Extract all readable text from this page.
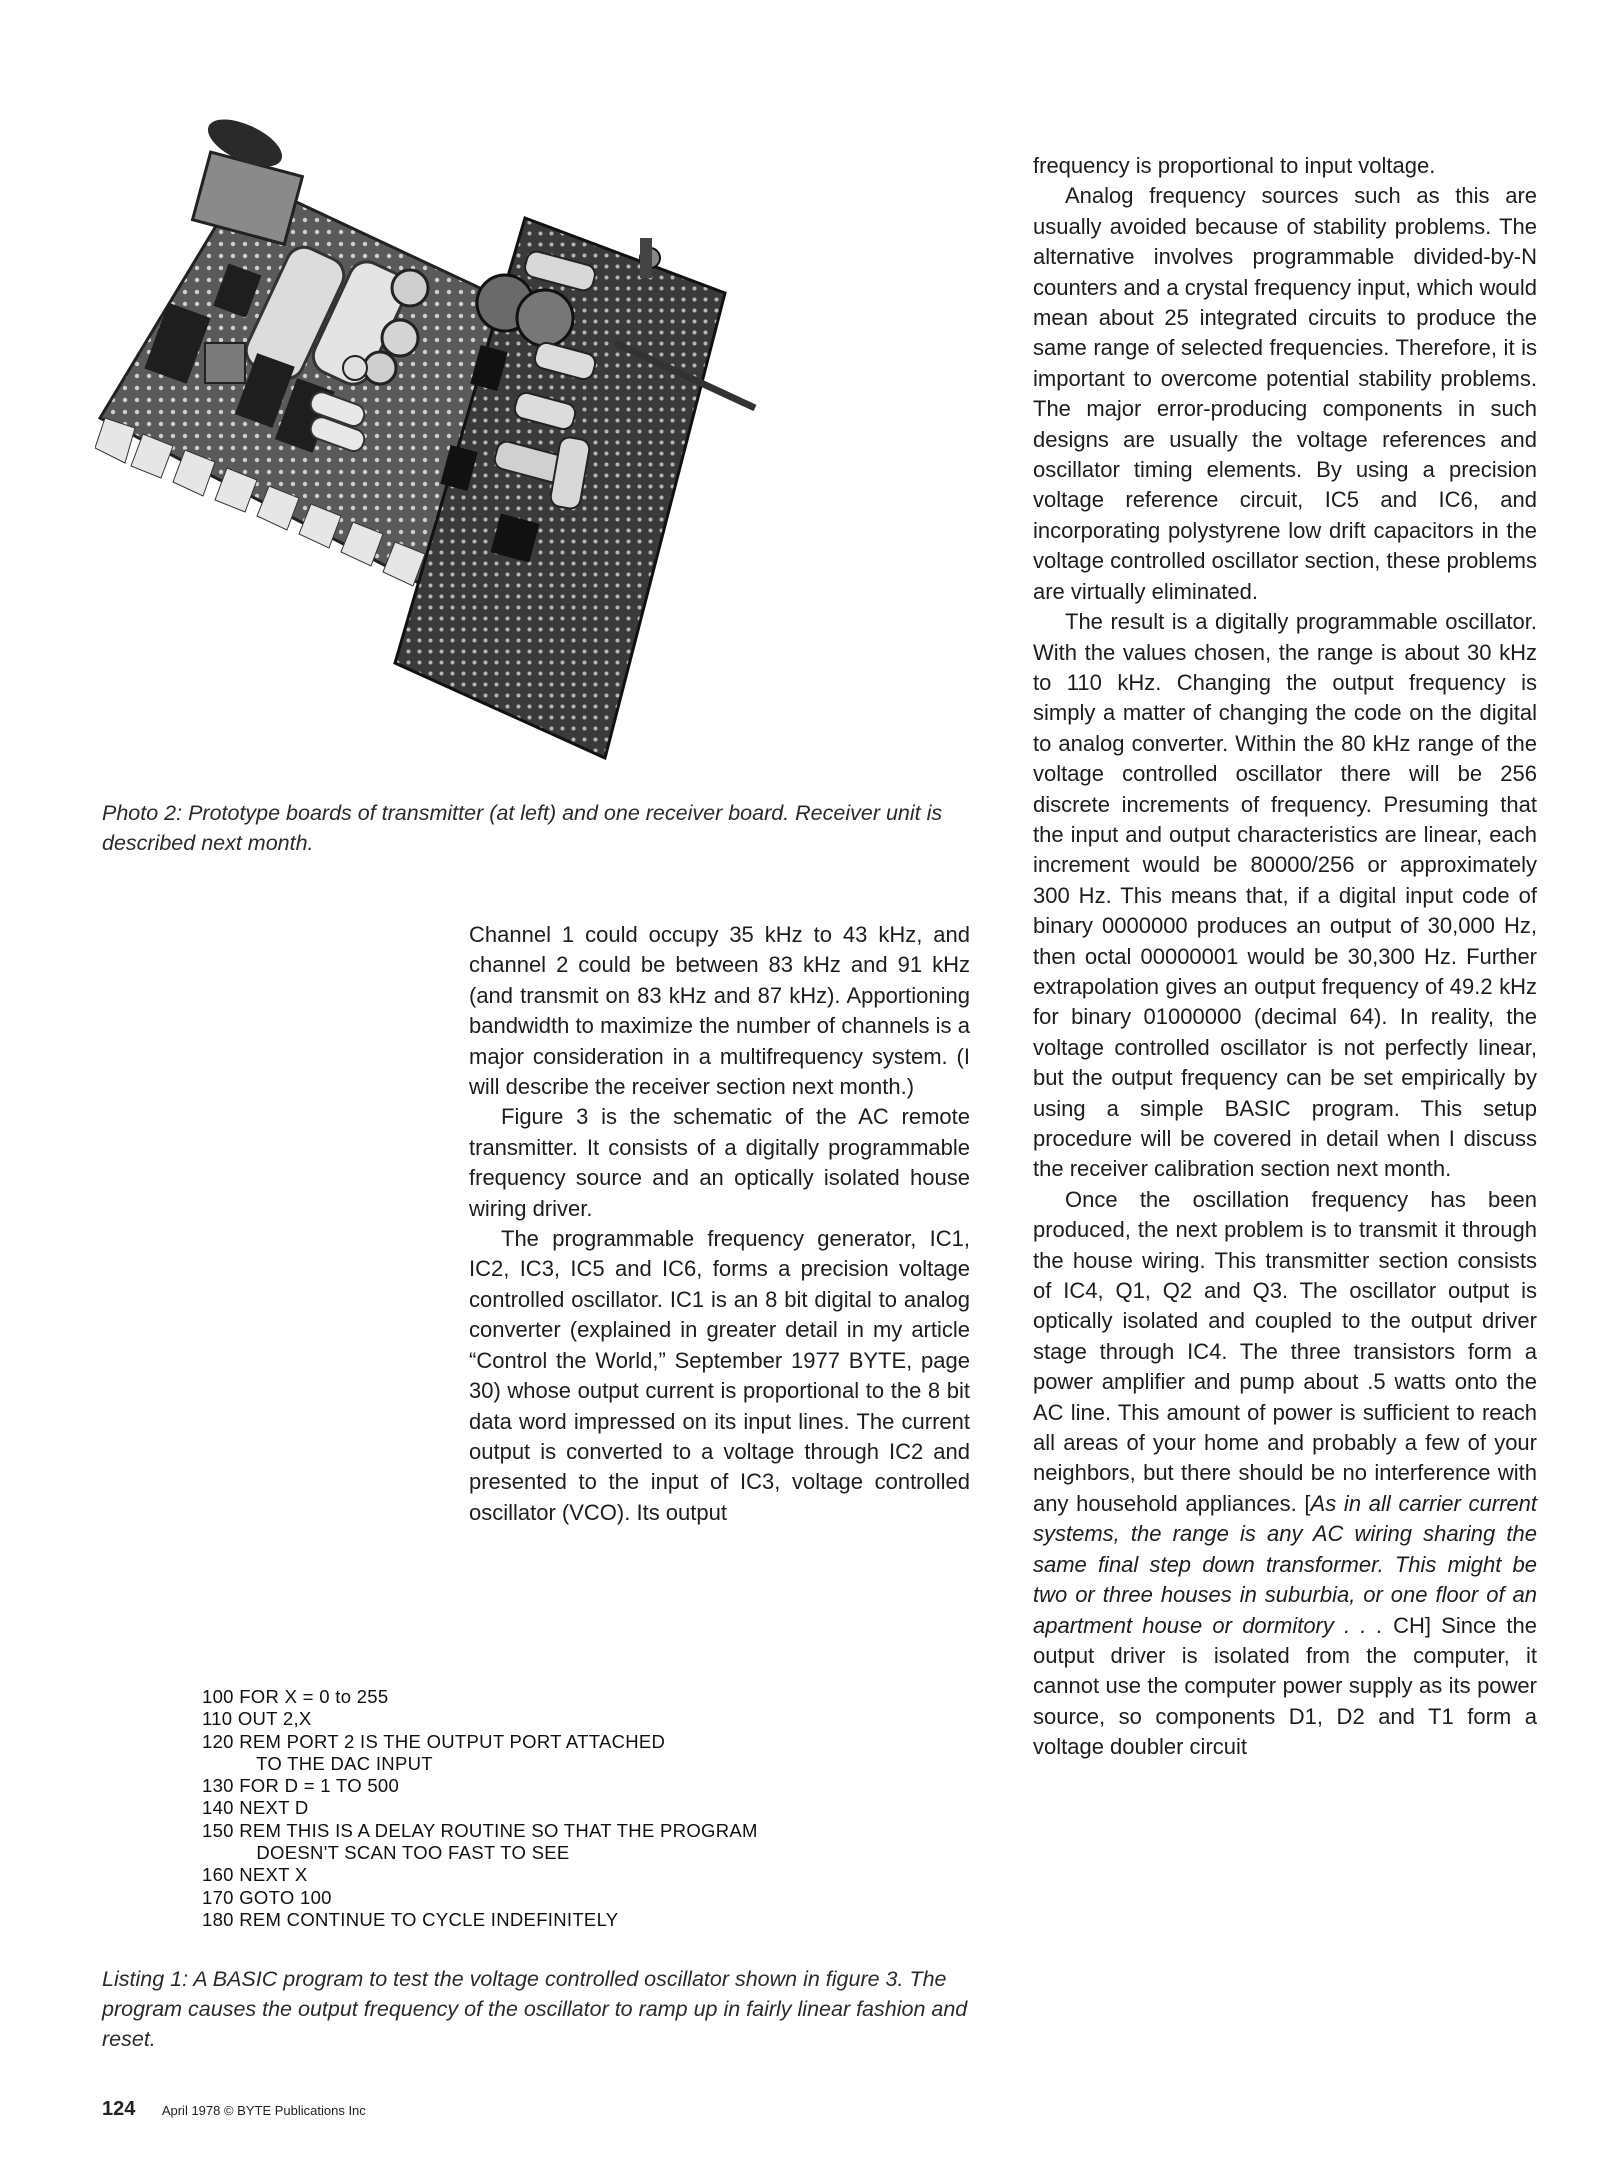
Photo 2: Prototype boards of transmitter (at left) and one receiver board. Receiver unit is described next month.

Channel 1 could occupy 35 kHz to 43 kHz, and channel 2 could be between 83 kHz and 91 kHz (and transmit on 83 kHz and 87 kHz). Apportioning bandwidth to maximize the number of channels is a major consideration in a multifrequency system. (I will describe the receiver section next month.)

Figure 3 is the schematic of the AC remote transmitter. It consists of a digitally programmable frequency source and an optically isolated house wiring driver.

The programmable frequency generator, IC1, IC2, IC3, IC5 and IC6, forms a precision voltage controlled oscillator. IC1 is an 8 bit digital to analog converter (explained in greater detail in my article “Control the World,” September 1977 BYTE, page 30) whose output current is proportional to the 8 bit data word impressed on its input lines. The current output is converted to a voltage through IC2 and presented to the input of IC3, voltage controlled oscillator (VCO). Its output

frequency is proportional to input voltage.

Analog frequency sources such as this are usually avoided because of stability problems. The alternative involves programmable divided-by-N counters and a crystal frequency input, which would mean about 25 integrated circuits to produce the same range of selected frequencies. Therefore, it is important to overcome potential stability problems. The major error-producing components in such designs are usually the voltage references and oscillator timing elements. By using a precision voltage reference circuit, IC5 and IC6, and incorporating polystyrene low drift capacitors in the voltage controlled oscillator section, these problems are virtually eliminated.

The result is a digitally programmable oscillator. With the values chosen, the range is about 30 kHz to 110 kHz. Changing the output frequency is simply a matter of changing the code on the digital to analog converter. Within the 80 kHz range of the voltage controlled oscillator there will be 256 discrete increments of frequency. Presuming that the input and output characteristics are linear, each increment would be 80000/256 or approximately 300 Hz. This means that, if a digital input code of binary 0000000 produces an output of 30,000 Hz, then octal 00000001 would be 30,300 Hz. Further extrapolation gives an output frequency of 49.2 kHz for binary 01000000 (decimal 64). In reality, the voltage controlled oscillator is not perfectly linear, but the output frequency can be set empirically by using a simple BASIC program. This setup procedure will be covered in detail when I discuss the receiver calibration section next month.

Once the oscillation frequency has been produced, the next problem is to transmit it through the house wiring. This transmitter section consists of IC4, Q1, Q2 and Q3. The oscillator output is optically isolated and coupled to the output driver stage through IC4. The three transistors form a power amplifier and pump about .5 watts onto the AC line. This amount of power is sufficient to reach all areas of your home and probably a few of your neighbors, but there should be no interference with any household appliances. [As in all carrier current systems, the range is any AC wiring sharing the same final step down transformer. This might be two or three houses in suburbia, or one floor of an apartment house or dormitory . . . CH] Since the output driver is isolated from the computer, it cannot use the computer power supply as its power source, so components D1, D2 and T1 form a voltage doubler circuit

100 FOR X = 0 to 255
110 OUT 2,X
120 REM PORT 2 IS THE OUTPUT PORT ATTACHED
TO THE DAC INPUT
130 FOR D = 1 TO 500
140 NEXT D
150 REM THIS IS A DELAY ROUTINE SO THAT THE PROGRAM
DOESN'T SCAN TOO FAST TO SEE
160 NEXT X
170 GOTO 100
180 REM CONTINUE TO CYCLE INDEFINITELY
Listing 1: A BASIC program to test the voltage controlled oscillator shown in figure 3. The program causes the output frequency of the oscillator to ramp up in fairly linear fashion and reset.
124 April 1978 © BYTE Publications Inc
